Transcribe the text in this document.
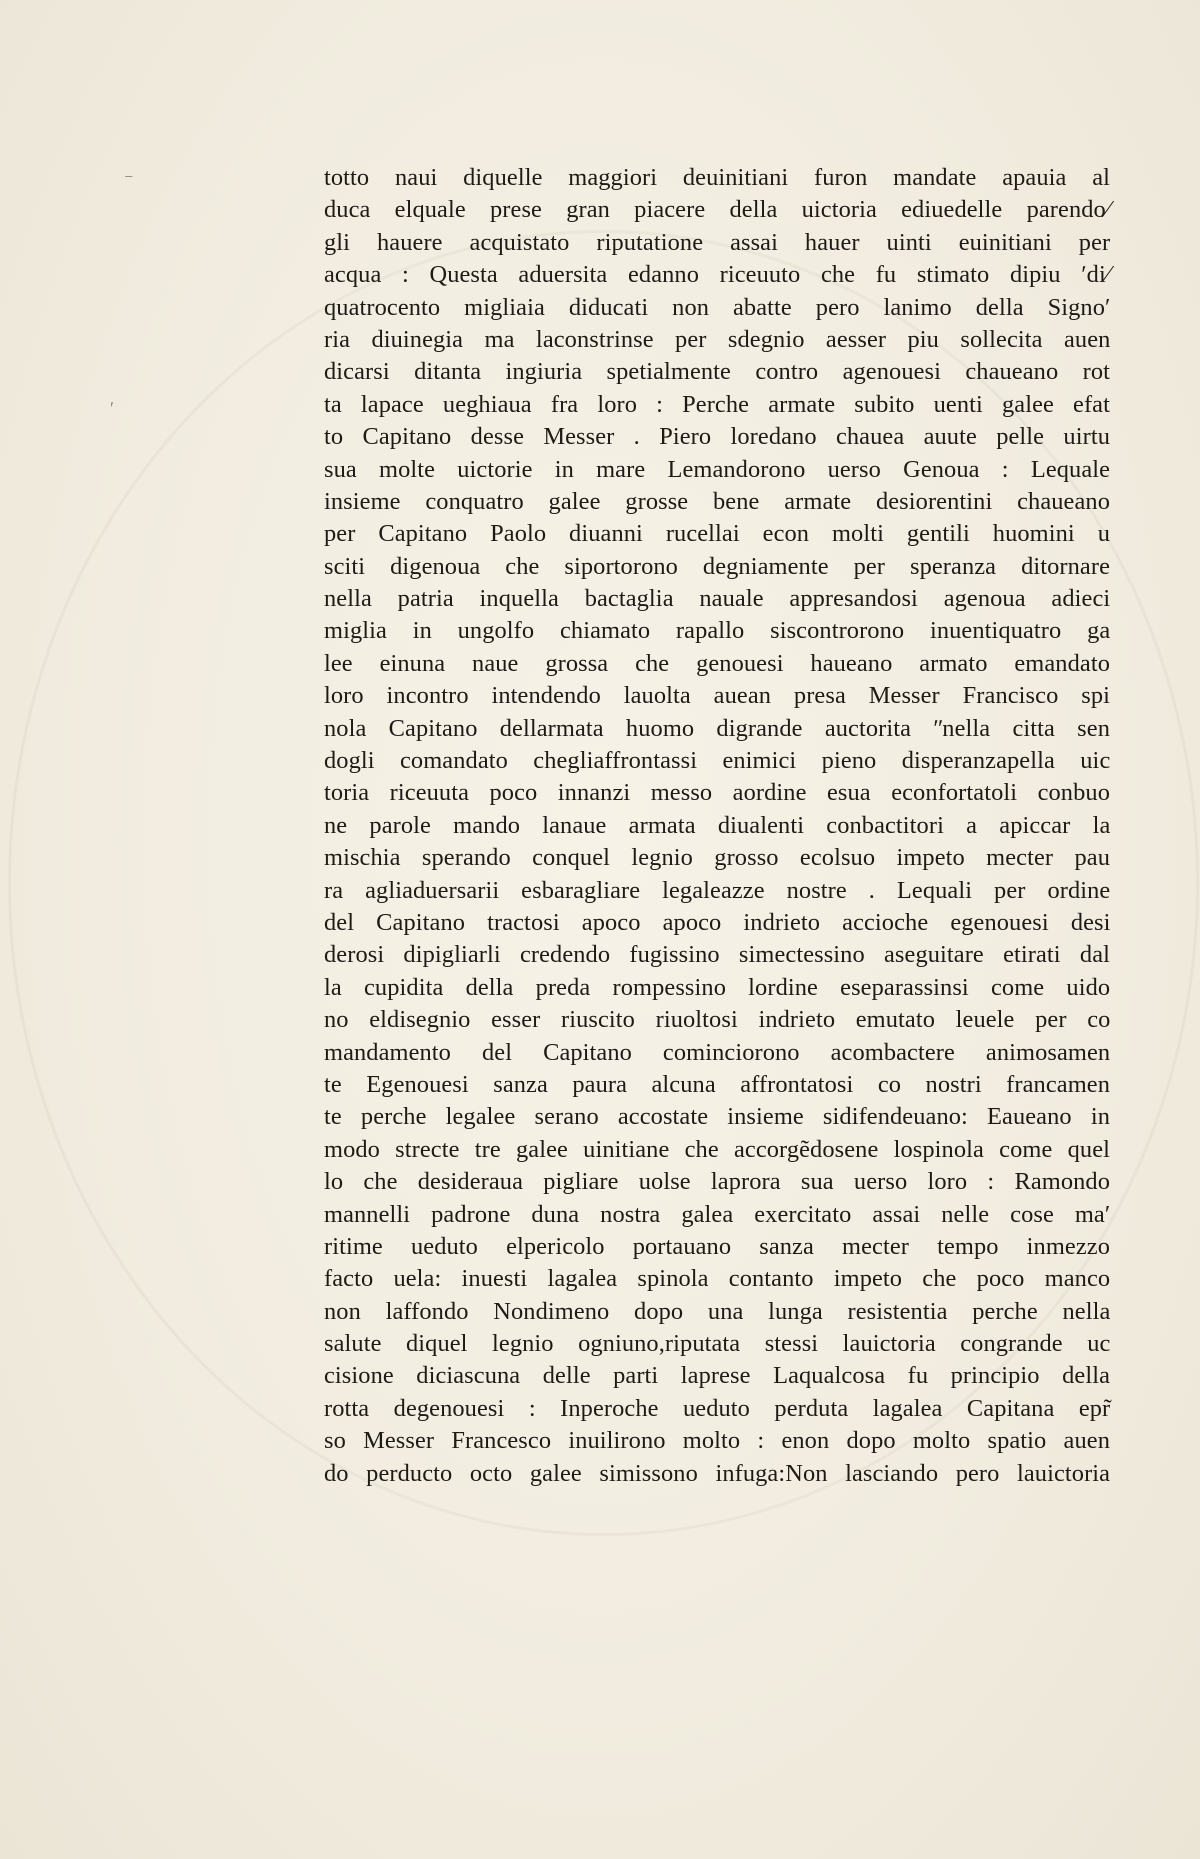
⁻
ʹ
totto naui diquelle maggiori deuinitiani furon mandate apauia al
duca elquale prese gran piacere della uictoria ediuedelle parendo⁄
gli hauere acquistato riputatione assai hauer uinti euinitiani per
acqua : Questa aduersita edanno riceuuto che fu stimato dipiu ʹdi⁄
quatrocento migliaia diducati non abatte pero lanimo della Signo′
ria diuinegia ma laconstrinse per sdegnio aesser piu sollecita auen
dicarsi ditanta ingiuria spetialmente contro agenouesi chaueano rot
ta lapace ueghiaua fra loro : Perche armate subito uenti galee efat
to Capitano desse Messer . Piero loredano chauea auute pelle uirtu
sua molte uictorie in mare Lemandorono uerso Genoua : Lequale
insieme conquatro galee grosse bene armate desiorentini chaueano
per Capitano Paolo diuanni rucellai econ molti gentili huomini u
sciti digenoua che siportorono degniamente per speranza ditornare
nella patria inquella bactaglia nauale appresandosi agenoua adieci
miglia in ungolfo chiamato rapallo siscontrorono inuentiquatro ga
lee einuna naue grossa che genouesi haueano armato emandato
loro incontro intendendo lauolta auean presa Messer Francisco spi
nola Capitano dellarmata huomo digrande auctorita ʺnella citta sen
dogli comandato chegliaffrontassi enimici pieno disperanzapella uic
toria riceuuta poco innanzi messo aordine esua econfortatoli conbuo
ne parole mando lanaue armata diualenti conbactitori a apiccar la
mischia sperando conquel legnio grosso ecolsuo impeto mecter pau
ra agliaduersarii esbaragliare legaleazze nostre . Lequali per ordine
del Capitano tractosi apoco apoco indrieto accioche egenouesi desi
derosi dipigliarli credendo fugissino simectessino aseguitare etirati dal
la cupidita della preda rompessino lordine eseparassinsi come uido
no eldisegnio esser riuscito riuoltosi indrieto emutato leuele per co
mandamento del Capitano cominciorono acombactere animosamen
te Egenouesi sanza paura alcuna affrontatosi co nostri francamen
te perche legalee serano accostate insieme sidifendeuano: Eaueano in
modo strecte tre galee uinitiane che accorgẽdosene lospinola come quel
lo che desideraua pigliare uolse laprora sua uerso loro : Ramondo
mannelli padrone duna nostra galea exercitato assai nelle cose ma′
ritime ueduto elpericolo portauano sanza mecter tempo inmezzo
facto uela: inuesti lagalea spinola contanto impeto che poco manco
non laffondo Nondimeno dopo una lunga resistentia perche nella
salute diquel legnio ogniuno,riputata stessi lauictoria congrande uc
cisione diciascuna delle parti laprese Laqualcosa fu principio della
rotta degenouesi : Inperoche ueduto perduta lagalea Capitana epr̃
so Messer Francesco inuilirono molto : enon dopo molto spatio auen
do perducto octo galee simissono infuga:Non lasciando pero lauictoria
